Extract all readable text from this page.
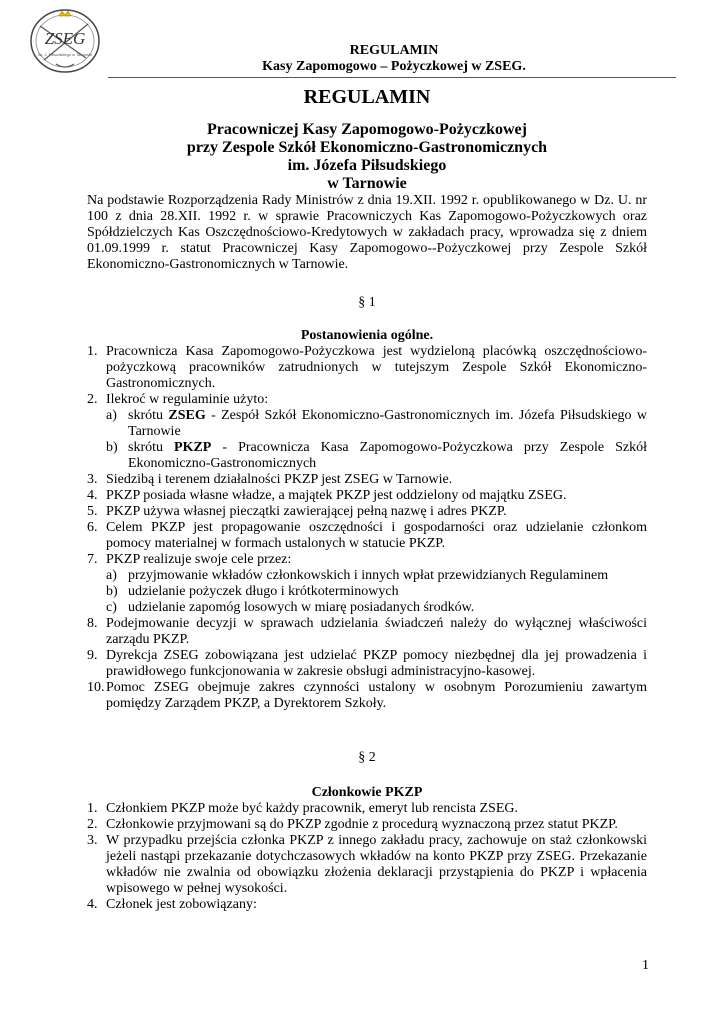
ZSEG
im. J. Piłsudskiego w Tarnowie	REGULAMIN
Kasy Zapomogowo – Pożyczkowej w ZSEG.
REGULAMIN
Pracowniczej Kasy Zapomogowo-Pożyczkowej
przy Zespole Szkół Ekonomiczno-Gastronomicznych
im. Józefa Piłsudskiego
w Tarnowie

Na podstawie Rozporządzenia Rady Ministrów z dnia 19.XII. 1992 r. opublikowanego w Dz. U. nr 100 z dnia 28.XII. 1992 r. w sprawie Pracowniczych Kas Zapomogowo-Pożyczkowych oraz Spółdzielczych Kas Oszczędnościowo-Kredytowych w zakładach pracy, wprowadza się z dniem 01.09.1999 r. statut Pracowniczej Kasy Zapomogowo--Pożyczkowej przy Zespole Szkół Ekonomiczno-Gastronomicznych w Tarnowie.

§ 1
Postanowienia ogólne.
1. Pracownicza Kasa Zapomogowo-Pożyczkowa jest wydzieloną placówką oszczędnościowo-pożyczkową pracowników zatrudnionych w tutejszym Zespole Szkół Ekonomiczno-Gastronomicznych.
2. Ilekroć w regulaminie użyto:
a) skrótu ZSEG - Zespół Szkół Ekonomiczno-Gastronomicznych im. Józefa Piłsudskiego w Tarnowie
b) skrótu PKZP - Pracownicza Kasa Zapomogowo-Pożyczkowa przy Zespole Szkół Ekonomiczno-Gastronomicznych
3. Siedzibą i terenem działalności PKZP jest ZSEG w Tarnowie.
4. PKZP posiada własne władze, a majątek PKZP jest oddzielony od majątku ZSEG.
5. PKZP używa własnej pieczątki zawierającej pełną nazwę i adres PKZP.
6. Celem PKZP jest propagowanie oszczędności i gospodarności oraz udzielanie członkom pomocy materialnej w formach ustalonych w statucie PKZP.
7. PKZP realizuje swoje cele przez:
a) przyjmowanie wkładów członkowskich i innych wpłat przewidzianych Regulaminem
b) udzielanie pożyczek długo i krótkoterminowych
c) udzielanie zapomóg losowych w miarę posiadanych środków.
8. Podejmowanie decyzji w sprawach udzielania świadczeń należy do wyłącznej właściwości zarządu PKZP.
9. Dyrekcja ZSEG zobowiązana jest udzielać PKZP pomocy niezbędnej dla jej prowadzenia i prawidłowego funkcjonowania w zakresie obsługi administracyjno-kasowej.
10. Pomoc ZSEG obejmuje zakres czynności ustalony w osobnym Porozumieniu zawartym pomiędzy Zarządem PKZP, a Dyrektorem Szkoły.
§ 2
Członkowie PKZP
1. Członkiem PKZP może być każdy pracownik, emeryt lub rencista ZSEG.
2. Członkowie przyjmowani są do PKZP zgodnie z procedurą wyznaczoną przez statut PKZP.
3. W przypadku przejścia członka PKZP z innego zakładu pracy, zachowuje on staż członkowski jeżeli nastąpi przekazanie dotychczasowych wkładów na konto PKZP przy ZSEG. Przekazanie wkładów nie zwalnia od obowiązku złożenia deklaracji przystąpienia do PKZP i wpłacenia wpisowego w pełnej wysokości.
4. Członek jest zobowiązany:
1
